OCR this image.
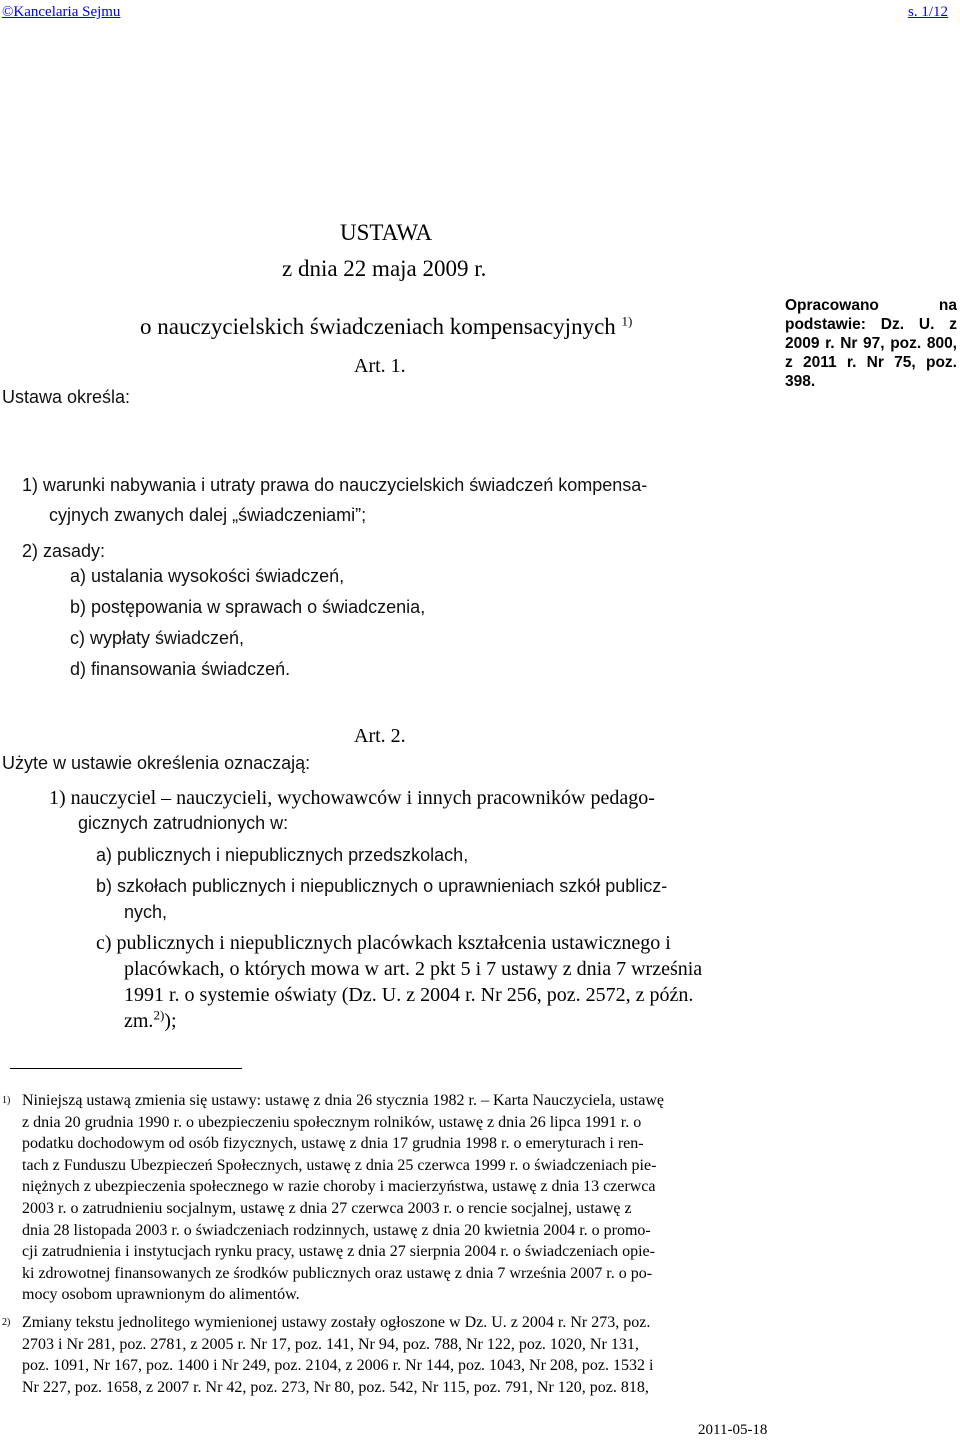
©Kancelaria Sejmu	s. 1/12
USTAWA
z dnia 22 maja 2009 r.
o nauczycielskich świadczeniach kompensacyjnych $^{1)}$
Opracowano na podstawie: Dz. U. z 2009 r. Nr 97, poz. 800, z 2011 r. Nr 75, poz. 398.
Art. 1.
Ustawa określa:
1) warunki nabywania i utraty prawa do nauczycielskich świadczeń kompensa-
cyjnych zwanych dalej „świadczeniami”;
2) zasady:
a) ustalania wysokości świadczeń,
b) postępowania w sprawach o świadczenia,
c) wypłaty świadczeń,
d) finansowania świadczeń.
Art. 2.
Użyte w ustawie określenia oznaczają:
1) nauczyciel – nauczycieli, wychowawców i innych pracowników pedago-
gicznych zatrudnionych w:
a) publicznych i niepublicznych przedszkolach,
b) szkołach publicznych i niepublicznych o uprawnieniach szkół publicz-
nych,
c) publicznych i niepublicznych placówkach kształcenia ustawicznego i
placówkach, o których mowa w art. 2 pkt 5 i 7 ustawy z dnia 7 września
1991 r. o systemie oświaty (Dz. U. z 2004 r. Nr 256, poz. 2572, z późn.
zm.$^{2)}$);
1) Niniejszą ustawą zmienia się ustawy: ustawę z dnia 26 stycznia 1982 r. – Karta Nauczyciela, ustawę
z dnia 20 grudnia 1990 r. o ubezpieczeniu społecznym rolników, ustawę z dnia 26 lipca 1991 r. o
podatku dochodowym od osób fizycznych, ustawę z dnia 17 grudnia 1998 r. o emeryturach i ren-
tach z Funduszu Ubezpieczeń Społecznych, ustawę z dnia 25 czerwca 1999 r. o świadczeniach pie-
niężnych z ubezpieczenia społecznego w razie choroby i macierzyństwa, ustawę z dnia 13 czerwca
2003 r. o zatrudnieniu socjalnym, ustawę z dnia 27 czerwca 2003 r. o rencie socjalnej, ustawę z
dnia 28 listopada 2003 r. o świadczeniach rodzinnych, ustawę z dnia 20 kwietnia 2004 r. o promo-
cji zatrudnienia i instytucjach rynku pracy, ustawę z dnia 27 sierpnia 2004 r. o świadczeniach opie-
ki zdrowotnej finansowanych ze środków publicznych oraz ustawę z dnia 7 września 2007 r. o po-
mocy osobom uprawnionym do alimentów.
2) Zmiany tekstu jednolitego wymienionej ustawy zostały ogłoszone w Dz. U. z 2004 r. Nr 273, poz.
2703 i Nr 281, poz. 2781, z 2005 r. Nr 17, poz. 141, Nr 94, poz. 788, Nr 122, poz. 1020, Nr 131,
poz. 1091, Nr 167, poz. 1400 i Nr 249, poz. 2104, z 2006 r. Nr 144, poz. 1043, Nr 208, poz. 1532 i
Nr 227, poz. 1658, z 2007 r. Nr 42, poz. 273, Nr 80, poz. 542, Nr 115, poz. 791, Nr 120, poz. 818,
2011-05-18
